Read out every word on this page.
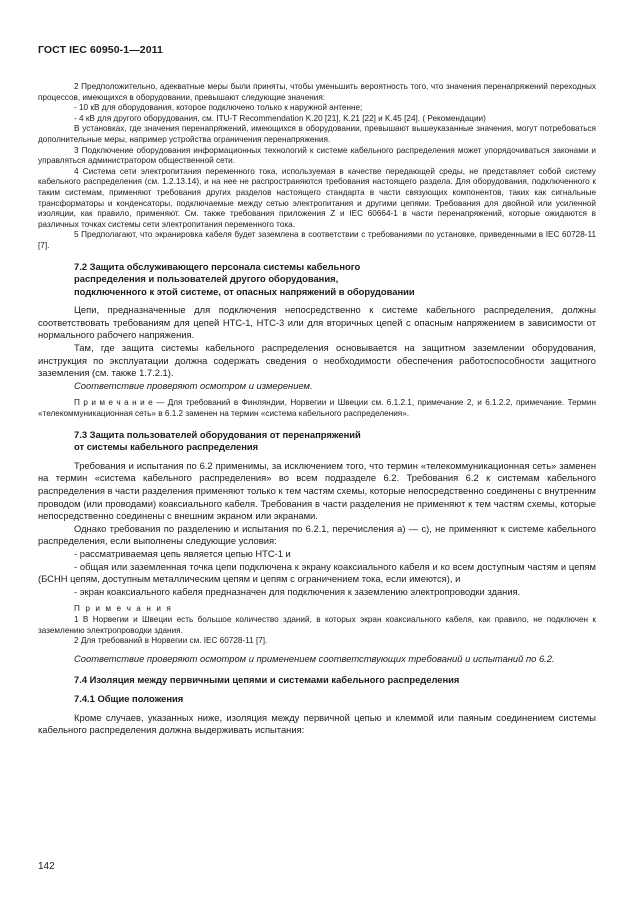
ГОСТ IEC 60950-1—2011

2 Предположительно, адекватные меры были приняты, чтобы уменьшить вероятность того, что значения перенапряжений переходных процессов, имеющихся в оборудовании, превышают следующие значения:

- 10 кВ для оборудования, которое подключено только к наружной антенне;

- 4 кВ для другого оборудования, см. ITU-T Recommendation K.20 [21], K.21 [22] и K.45 [24]. ( Рекомендации)

В установках, где значения перенапряжений, имеющихся в оборудовании, превышают вышеуказанные значения, могут потребоваться дополнительные меры, например устройства ограничения перенапряжения.

3 Подключение оборудования информационных технологий к системе кабельного распределения может упорядочиваться законами и управляться администратором общественной сети.

4 Система сети электропитания переменного тока, используемая в качестве передающей среды, не представляет собой систему кабельного распределения (см. 1.2.13.14), и на нее не распространяются требования настоящего раздела. Для оборудования, подключенного к таким системам, применяют требования других разделов настоящего стандарта в части связующих компонентов, таких как сигнальные трансформаторы и конденсаторы, подключаемые между сетью электропитания и другими цепями. Требования для двойной или усиленной изоляции, как правило, применяют. См. также требования приложения Z и IEC 60664-1 в части перенапряжений, которые ожидаются в различных точках системы сети электропитания переменного тока.

5 Предполагают, что экранировка кабеля будет заземлена в соответствии с требованиями по установке, приведенными в IEC 60728-11 [7].

7.2 Защита обслуживающего персонала системы кабельного
распределения и пользователей другого оборудования,
подключенного к этой системе, от опасных напряжений в оборудовании

Цепи, предназначенные для подключения непосредственно к системе кабельного распределения, должны соответствовать требованиям для цепей НТС-1, НТС-3 или для вторичных цепей с опасным напряжением в зависимости от нормального рабочего напряжения.

Там, где защита системы кабельного распределения основывается на защитном заземлении оборудования, инструкция по эксплуатации должна содержать сведения о необходимости обеспечения работоспособности защитного заземления (см. также 1.7.2.1).

Соответствие проверяют осмотром и измерением.

П р и м е ч а н и е — Для требований в Финляндии, Норвегии и Швеции см. 6.1.2.1, примечание 2, и 6.1.2.2, примечание. Термин «телекоммуникационная сеть» в 6.1.2 заменен на термин «система кабельного распределения».

7.3 Защита пользователей оборудования от перенапряжений
от системы кабельного распределения

Требования и испытания по 6.2 применимы, за исключением того, что термин «телекоммуникационная сеть» заменен на термин «система кабельного распределения» во всем подразделе 6.2. Требования 6.2 к системам кабельного распределения в части разделения применяют только к тем частям схемы, которые непосредственно соединены с внутренним проводом (или проводами) коаксиального кабеля. Требования в части разделения не применяют к тем частям схемы, которые непосредственно соединены с внешним экраном или экранами.

Однако требования по разделению и испытания по 6.2.1, перечисления a) — c), не применяют к системе кабельного распределения, если выполнены следующие условия:

- рассматриваемая цепь является цепью НТС-1 и

- общая или заземленная точка цепи подключена к экрану коаксиального кабеля и ко всем доступным частям и цепям (БСНН цепям, доступным металлическим цепям и цепям с ограничением тока, если имеются), и

- экран коаксиального кабеля предназначен для подключения к заземлению электропроводки здания.

П р и м е ч а н и я

1 В Норвегии и Швеции есть большое количество зданий, в которых экран коаксиального кабеля, как правило, не подключен к заземлению электропроводки здания.

2 Для требований в Норвегии см. IEC 60728-11 [7].

Соответствие проверяют осмотром и применением соответствующих требований и испытаний по 6.2.

7.4 Изоляция между первичными цепями и системами кабельного распределения
7.4.1 Общие положения

Кроме случаев, указанных ниже, изоляция между первичной цепью и клеммой или паяным соединением системы кабельного распределения должна выдерживать испытания:

142
